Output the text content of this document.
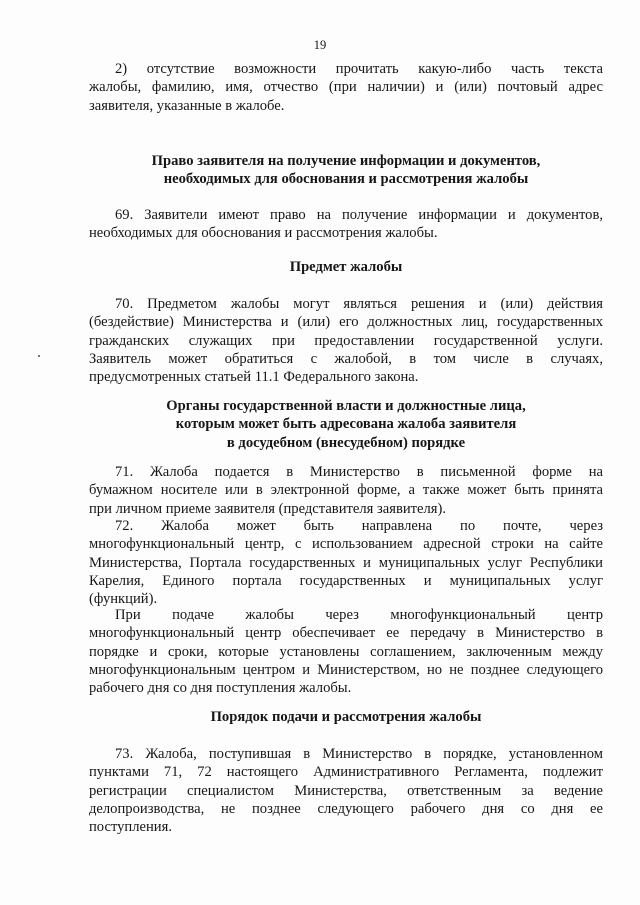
19
2) отсутствие возможности прочитать какую-либо часть текста
жалобы, фамилию, имя, отчество (при наличии) и (или) почтовый адрес
заявителя, указанные в жалобе.
Право заявителя на получение информации и документов,
необходимых для обоснования и рассмотрения жалобы
69. Заявители имеют право на получение информации и документов,
необходимых для обоснования и рассмотрения жалобы.
Предмет жалобы
70. Предметом жалобы могут являться решения и (или) действия
(бездействие) Министерства и (или) его должностных лиц, государственных
гражданских служащих при предоставлении государственной услуги.
Заявитель может обратиться с жалобой, в том числе в случаях,
предусмотренных статьей 11.1 Федерального закона.
Органы государственной власти и должностные лица,
которым может быть адресована жалоба заявителя
в досудебном (внесудебном) порядке
71. Жалоба подается в Министерство в письменной форме на
бумажном носителе или в электронной форме, а также может быть принята
при личном приеме заявителя (представителя заявителя).
72. Жалоба может быть направлена по почте, через
многофункциональный центр, с использованием адресной строки на сайте
Министерства, Портала государственных и муниципальных услуг Республики
Карелия, Единого портала государственных и муниципальных услуг
(функций).
При подаче жалобы через многофункциональный центр
многофункциональный центр обеспечивает ее передачу в Министерство в
порядке и сроки, которые установлены соглашением, заключенным между
многофункциональным центром и Министерством, но не позднее следующего
рабочего дня со дня поступления жалобы.
Порядок подачи и рассмотрения жалобы
73. Жалоба, поступившая в Министерство в порядке, установленном
пунктами 71, 72 настоящего Административного Регламента, подлежит
регистрации специалистом Министерства, ответственным за ведение
делопроизводства, не позднее следующего рабочего дня со дня ее
поступления.
